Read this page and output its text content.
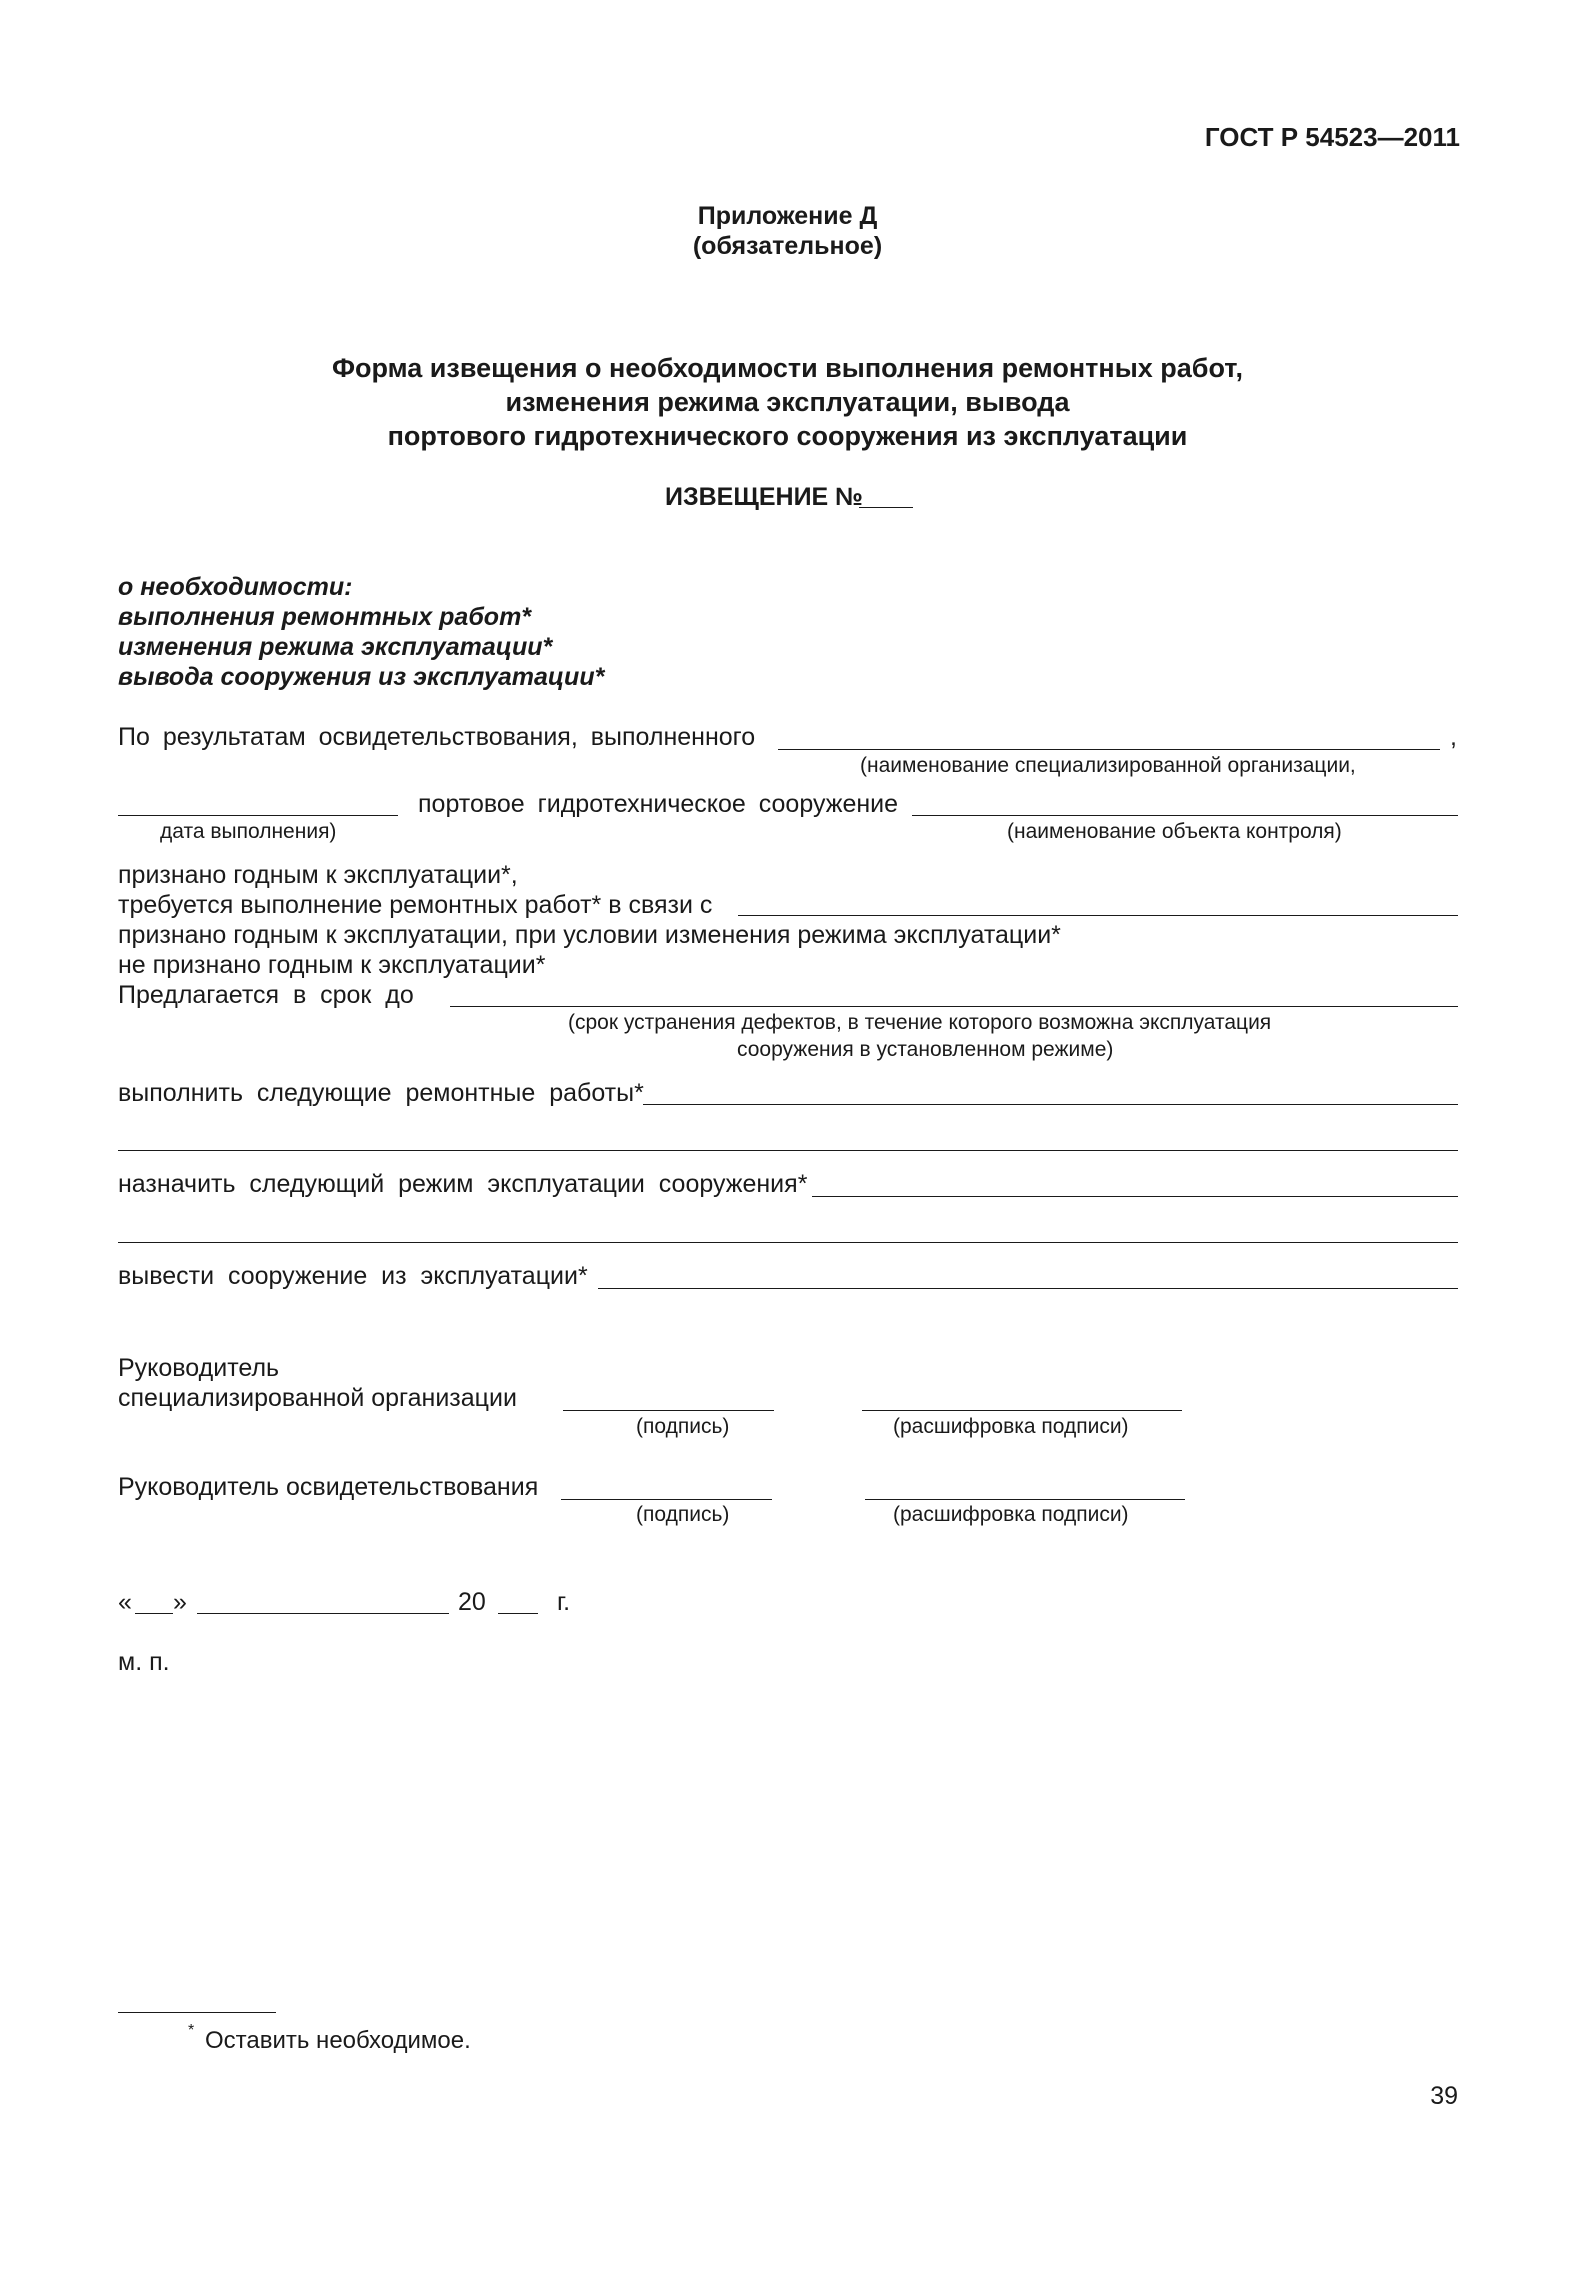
ГОСТ Р 54523—2011
Приложение Д
(обязательное)
Форма извещения о необходимости выполнения ремонтных работ,
изменения режима эксплуатации, вывода
портового гидротехнического сооружения из эксплуатации
ИЗВЕЩЕНИЕ №
о необходимости:
выполнения ремонтных работ*
изменения режима эксплуатации*
вывода сооружения из эксплуатации*
По результатам освидетельствования, выполненного	,
(наименование специализированной организации,
портовое гидротехническое сооружение
дата выполнения)	(наименование объекта контроля)
признано годным к эксплуатации*,
требуется выполнение ремонтных работ* в связи с
признано годным к эксплуатации, при условии изменения режима эксплуатации*
не признано годным к эксплуатации*
Предлагается  в  срок  до
(срок устранения дефектов, в течение которого возможна эксплуатация
сооружения в установленном режиме)
выполнить  следующие  ремонтные  работы*
назначить  следующий  режим  эксплуатации  сооружения*
вывести  сооружение  из  эксплуатации*
Руководитель
специализированной организации
(подпись)	(расшифровка подписи)
Руководитель освидетельствования
(подпись)	(расшифровка подписи)
« »	20	г.
м. п.
* Оставить необходимое.
39
